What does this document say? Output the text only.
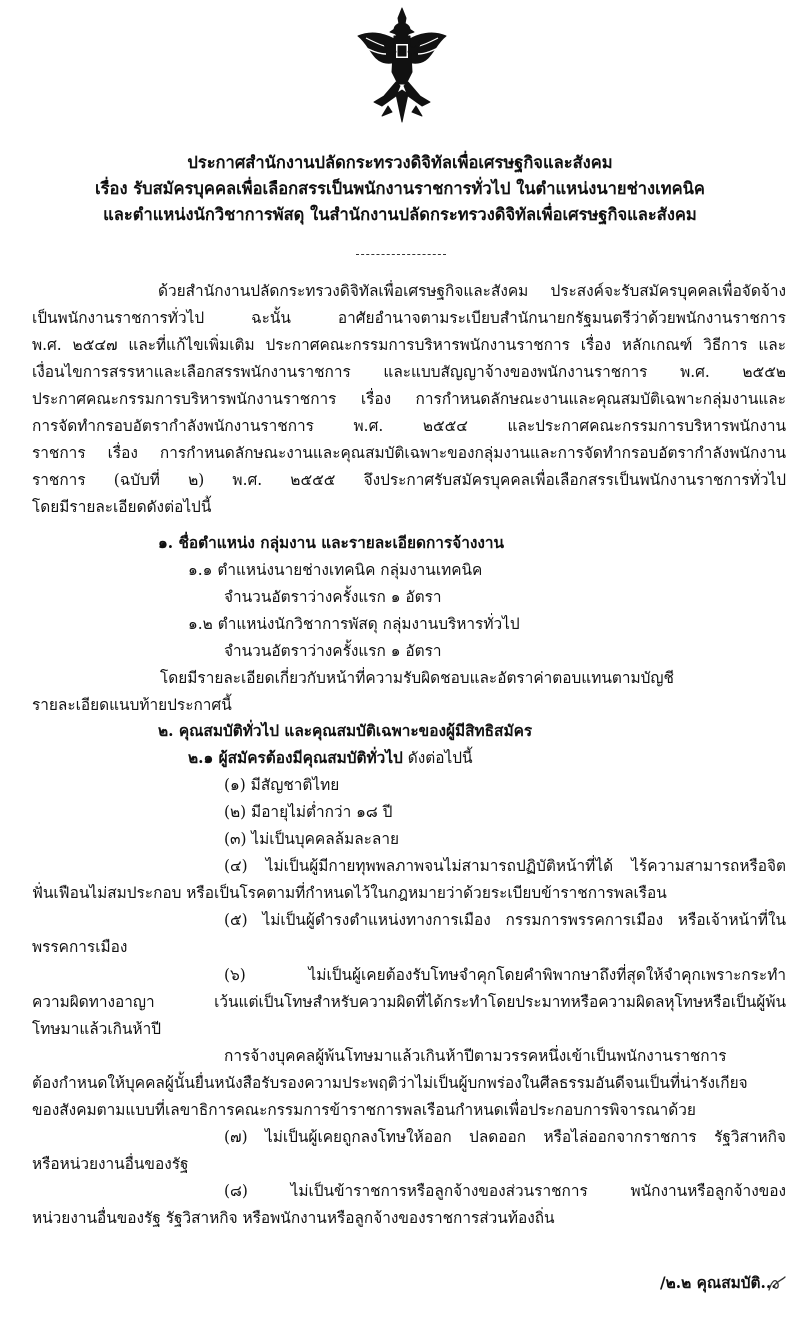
ประกาศสำนักงานปลัดกระทรวงดิจิทัลเพื่อเศรษฐกิจและสังคม
เรื่อง รับสมัครบุคคลเพื่อเลือกสรรเป็นพนักงานราชการทั่วไป ในตำแหน่งนายช่างเทคนิค
และตำแหน่งนักวิชาการพัสดุ ในสำนักงานปลัดกระทรวงดิจิทัลเพื่อเศรษฐกิจและสังคม
ด้วยสำนักงานปลัดกระทรวงดิจิทัลเพื่อเศรษฐกิจและสังคม ประสงค์จะรับสมัครบุคคลเพื่อจัดจ้าง
เป็นพนักงานราชการทั่วไป ฉะนั้น อาศัยอำนาจตามระเบียบสำนักนายกรัฐมนตรีว่าด้วยพนักงานราชการ
พ.ศ. ๒๕๔๗ และที่แก้ไขเพิ่มเติม ประกาศคณะกรรมการบริหารพนักงานราชการ เรื่อง หลักเกณฑ์ วิธีการ และ
เงื่อนไขการสรรหาและเลือกสรรพนักงานราชการ และแบบสัญญาจ้างของพนักงานราชการ พ.ศ. ๒๕๕๒
ประกาศคณะกรรมการบริหารพนักงานราชการ เรื่อง การกำหนดลักษณะงานและคุณสมบัติเฉพาะกลุ่มงานและ
การจัดทำกรอบอัตรากำลังพนักงานราชการ พ.ศ. ๒๕๕๔ และประกาศคณะกรรมการบริหารพนักงาน
ราชการ เรื่อง การกำหนดลักษณะงานและคุณสมบัติเฉพาะของกลุ่มงานและการจัดทำกรอบอัตรากำลังพนักงาน
ราชการ (ฉบับที่ ๒) พ.ศ. ๒๕๕๕ จึงประกาศรับสมัครบุคคลเพื่อเลือกสรรเป็นพนักงานราชการทั่วไป
โดยมีรายละเอียดดังต่อไปนี้
๑. ชื่อตำแหน่ง กลุ่มงาน และรายละเอียดการจ้างงาน
๑.๑ ตำแหน่งนายช่างเทคนิค กลุ่มงานเทคนิค
จำนวนอัตราว่างครั้งแรก ๑ อัตรา
๑.๒ ตำแหน่งนักวิชาการพัสดุ กลุ่มงานบริหารทั่วไป
จำนวนอัตราว่างครั้งแรก ๑ อัตรา
โดยมีรายละเอียดเกี่ยวกับหน้าที่ความรับผิดชอบและอัตราค่าตอบแทนตามบัญชี
รายละเอียดแนบท้ายประกาศนี้
๒. คุณสมบัติทั่วไป และคุณสมบัติเฉพาะของผู้มีสิทธิสมัคร
๒.๑ ผู้สมัครต้องมีคุณสมบัติทั่วไป ดังต่อไปนี้
(๑) มีสัญชาติไทย
(๒) มีอายุไม่ต่ำกว่า ๑๘ ปี
(๓) ไม่เป็นบุคคลล้มละลาย
(๔) ไม่เป็นผู้มีกายทุพพลภาพจนไม่สามารถปฏิบัติหน้าที่ได้ ไร้ความสามารถหรือจิต
ฟั่นเฟือนไม่สมประกอบ หรือเป็นโรคตามที่กำหนดไว้ในกฎหมายว่าด้วยระเบียบข้าราชการพลเรือน
(๕) ไม่เป็นผู้ดำรงตำแหน่งทางการเมือง กรรมการพรรคการเมือง หรือเจ้าหน้าที่ใน
พรรคการเมือง
(๖) ไม่เป็นผู้เคยต้องรับโทษจำคุกโดยคำพิพากษาถึงที่สุดให้จำคุกเพราะกระทำ
ความผิดทางอาญา เว้นแต่เป็นโทษสำหรับความผิดที่ได้กระทำโดยประมาทหรือความผิดลหุโทษหรือเป็นผู้พ้น
โทษมาแล้วเกินห้าปี
การจ้างบุคคลผู้พ้นโทษมาแล้วเกินห้าปีตามวรรคหนึ่งเข้าเป็นพนักงานราชการ
ต้องกำหนดให้บุคคลผู้นั้นยื่นหนังสือรับรองความประพฤติว่าไม่เป็นผู้บกพร่องในศีลธรรมอันดีจนเป็นที่น่ารังเกียจ
ของสังคมตามแบบที่เลขาธิการคณะกรรมการข้าราชการพลเรือนกำหนดเพื่อประกอบการพิจารณาด้วย
(๗) ไม่เป็นผู้เคยถูกลงโทษให้ออก ปลดออก หรือไล่ออกจากราชการ รัฐวิสาหกิจ
หรือหน่วยงานอื่นของรัฐ
(๘) ไม่เป็นข้าราชการหรือลูกจ้างของส่วนราชการ พนักงานหรือลูกจ้างของ
หน่วยงานอื่นของรัฐ รัฐวิสาหกิจ หรือพนักงานหรือลูกจ้างของราชการส่วนท้องถิ่น
/๒.๒ คุณสมบัติ...
